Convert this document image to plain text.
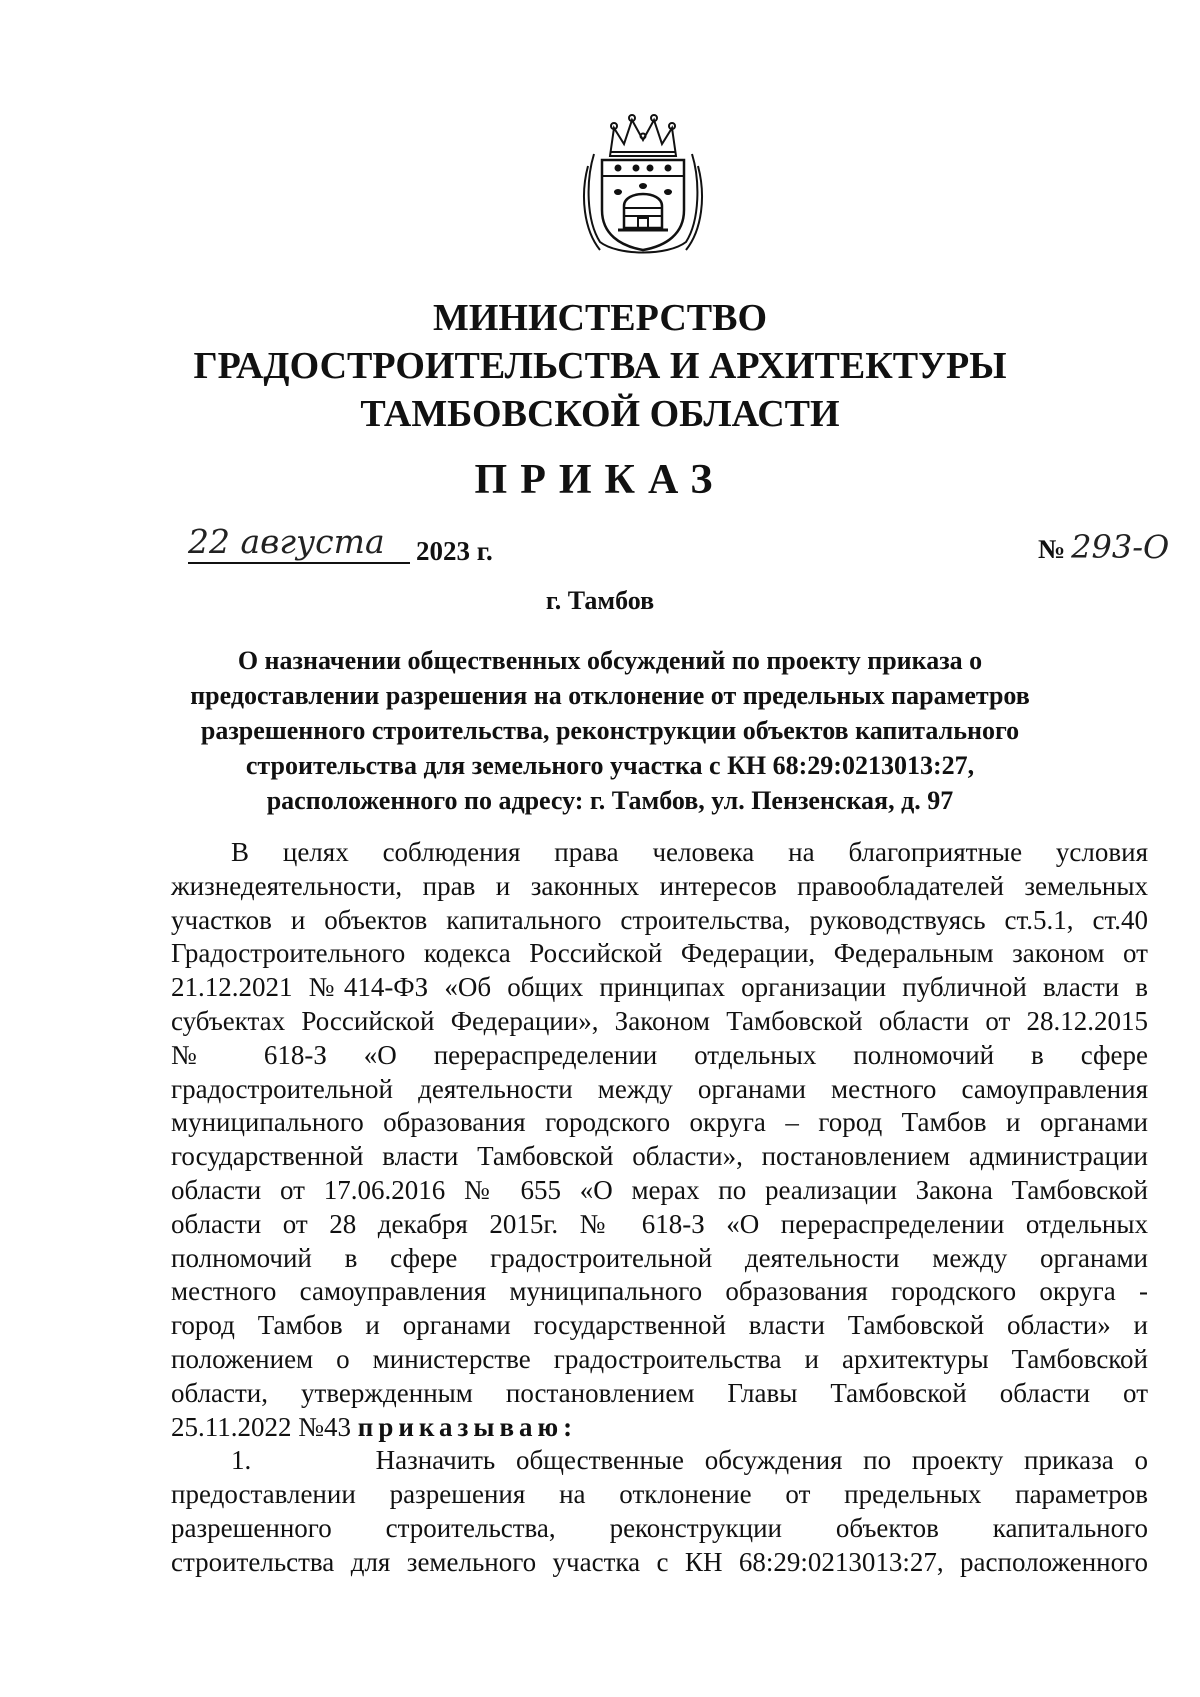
МИНИСТЕРСТВО
ГРАДОСТРОИТЕЛЬСТВА И АРХИТЕКТУРЫ
ТАМБОВСКОЙ ОБЛАСТИ
ПРИКАЗ
22 августа 2023 г.	№ 293-О
г. Тамбов
О назначении общественных обсуждений по проекту приказа о
предоставлении разрешения на отклонение от предельных параметров
разрешенного строительства, реконструкции объектов капитального
строительства для земельного участка с КН 68:29:0213013:27,
расположенного по адресу: г. Тамбов, ул. Пензенская, д. 97
В целях соблюдения права человека на благоприятные условия
жизнедеятельности, прав и законных интересов правообладателей земельных
участков и объектов капитального строительства, руководствуясь ст.5.1, ст.40
Градостроительного кодекса Российской Федерации, Федеральным законом от
21.12.2021 №414-ФЗ «Об общих принципах организации публичной власти в
субъектах Российской Федерации», Законом Тамбовской области от 28.12.2015
№ 618-З «О перераспределении отдельных полномочий в сфере
градостроительной деятельности между органами местного самоуправления
муниципального образования городского округа – город Тамбов и органами
государственной власти Тамбовской области», постановлением администрации
области от 17.06.2016 № 655 «О мерах по реализации Закона Тамбовской
области от 28 декабря 2015г. № 618-З «О перераспределении отдельных
полномочий в сфере градостроительной деятельности между органами
местного самоуправления муниципального образования городского округа -
город Тамбов и органами государственной власти Тамбовской области» и
положением о министерстве градостроительства и архитектуры Тамбовской
области, утвержденным постановлением Главы Тамбовской области от
25.11.2022 №43 приказываю:
1.      Назначить общественные обсуждения по проекту приказа о
предоставлении разрешения на отклонение от предельных параметров
разрешенного строительства, реконструкции объектов капитального
строительства для земельного участка с КН 68:29:0213013:27, расположенного
